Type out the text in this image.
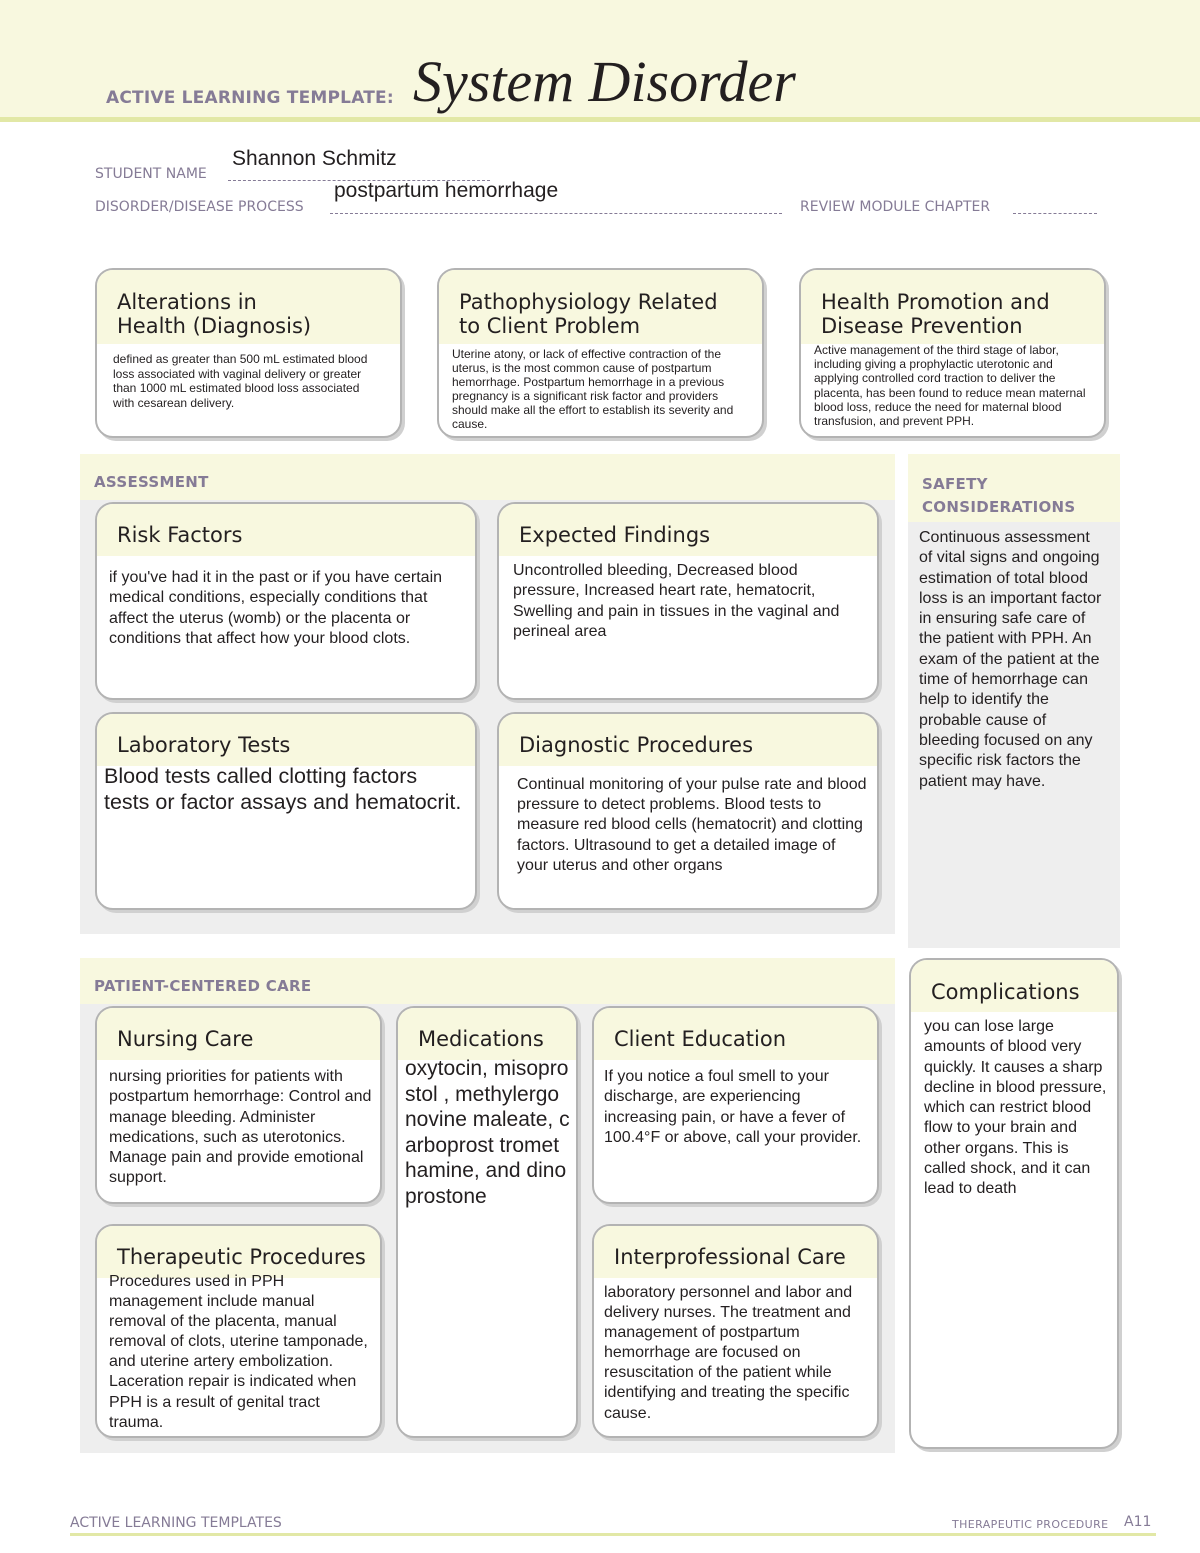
ACTIVE LEARNING TEMPLATE: System Disorder
STUDENT NAME
Shannon Schmitz
DISORDER/DISEASE PROCESS
postpartum hemorrhage
REVIEW MODULE CHAPTER
Alterations in
Health (Diagnosis)
defined as greater than 500 mL estimated blood loss associated with vaginal delivery or greater than 1000 mL estimated blood loss associated with cesarean delivery.
Pathophysiology Related
to Client Problem
Uterine atony, or lack of effective contraction of the uterus, is the most common cause of postpartum hemorrhage. Postpartum hemorrhage in a previous pregnancy is a significant risk factor and providers should make all the effort to establish its severity and cause.
Health Promotion and
Disease Prevention
Active management of the third stage of labor, including giving a prophylactic uterotonic and applying controlled cord traction to deliver the placenta, has been found to reduce mean maternal blood loss, reduce the need for maternal blood transfusion, and prevent PPH.
ASSESSMENT
Risk Factors
if you've had it in the past or if you have certain medical conditions, especially conditions that affect the uterus (womb) or the placenta or conditions that affect how your blood clots.
Expected Findings
Uncontrolled bleeding, Decreased blood pressure, Increased heart rate, hematocrit, Swelling and pain in tissues in the vaginal and perineal area
Laboratory Tests
Blood tests called clotting factors tests or factor assays and hematocrit.
Diagnostic Procedures
Continual monitoring of your pulse rate and blood pressure to detect problems. Blood tests to measure red blood cells (hematocrit) and clotting factors. Ultrasound to get a detailed image of your uterus and other organs
SAFETY
CONSIDERATIONS
Continuous assessment of vital signs and ongoing estimation of total blood loss is an important factor in ensuring safe care of the patient with PPH. An exam of the patient at the time of hemorrhage can help to identify the probable cause of bleeding focused on any specific risk factors the patient may have.
PATIENT-CENTERED CARE
Nursing Care
nursing priorities for patients with postpartum hemorrhage: Control and manage bleeding. Administer medications, such as uterotonics. Manage pain and provide emotional support.
Medications
oxytocin, misoprostol , methylergonovine maleate, carboprost tromethamine, and dinoprostone
Client Education
If you notice a foul smell to your discharge, are experiencing increasing pain, or have a fever of 100.4°F or above, call your provider.
Therapeutic Procedures
Procedures used in PPH management include manual removal of the placenta, manual removal of clots, uterine tamponade, and uterine artery embolization. Laceration repair is indicated when PPH is a result of genital tract trauma.
Interprofessional Care
laboratory personnel and labor and delivery nurses. The treatment and management of postpartum hemorrhage are focused on resuscitation of the patient while identifying and treating the specific cause.
Complications
you can lose large amounts of blood very quickly. It causes a sharp decline in blood pressure, which can restrict blood flow to your brain and other organs. This is called shock, and it can lead to death
ACTIVE LEARNING TEMPLATES	THERAPEUTIC PROCEDURE A11
